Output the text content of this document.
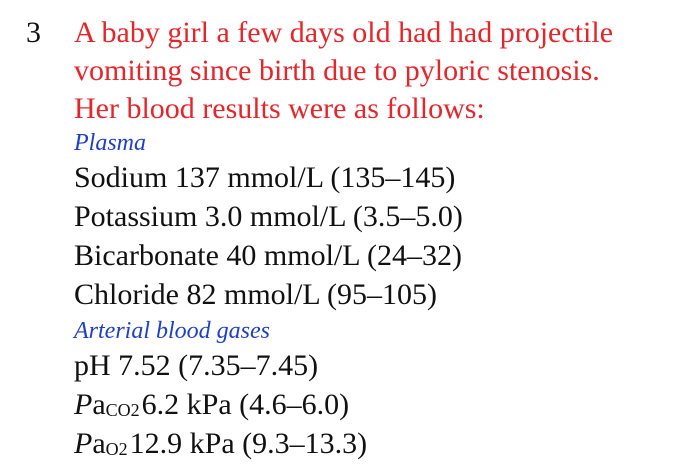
3 A baby girl a few days old had had projectile
vomiting since birth due to pyloric stenosis.
Her blood results were as follows:
Plasma
Sodium 137 mmol/L (135–145)
Potassium 3.0 mmol/L (3.5–5.0)
Bicarbonate 40 mmol/L (24–32)
Chloride 82 mmol/L (95–105)
Arterial blood gases
pH 7.52 (7.35–7.45)
PaCO26.2 kPa (4.6–6.0)
PaO212.9 kPa (9.3–13.3)
